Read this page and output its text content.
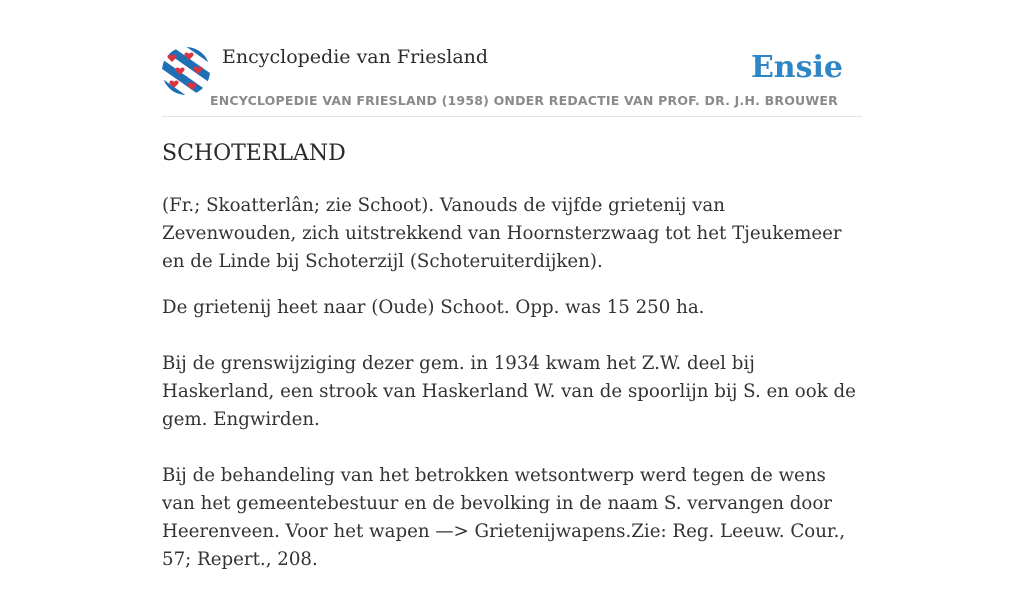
Encyclopedie van Friesland
ENCYCLOPEDIE VAN FRIESLAND (1958) ONDER REDACTIE VAN PROF. DR. J.H. BROUWER
Ensie
SCHOTERLAND

(Fr.; Skoatterlân; zie Schoot). Vanouds de vijfde grietenij van Zevenwouden, zich uitstrekkend van Hoornsterzwaag tot het Tjeukemeer en de Linde bij Schoterzijl (Schoteruiterdijken).

De grietenij heet naar (Oude) Schoot. Opp. was 15 250 ha.

Bij de grenswijziging dezer gem. in 1934 kwam het Z.W. deel bij Haskerland, een strook van Haskerland W. van de spoorlijn bij S. en ook de gem. Engwirden.

Bij de behandeling van het betrokken wetsontwerp werd tegen de wens van het gemeentebestuur en de bevolking in de naam S. vervangen door Heerenveen. Voor het wapen —> Grietenijwapens.Zie: Reg. Leeuw. Cour., 57; Repert., 208.
